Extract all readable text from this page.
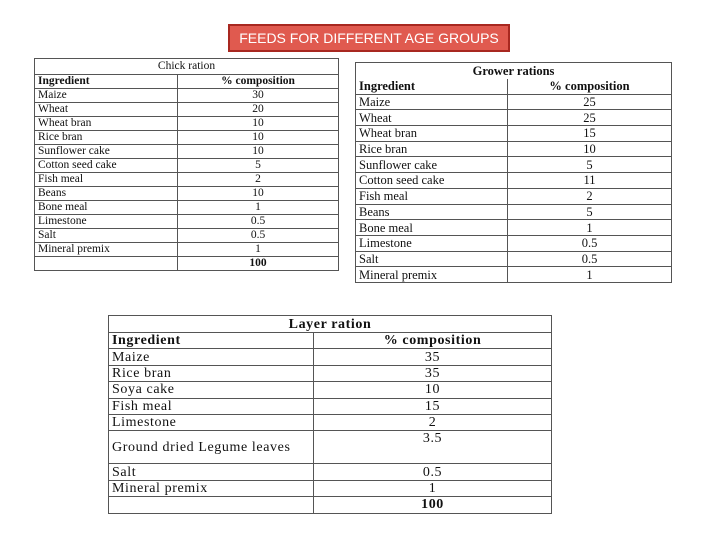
FEEDS FOR DIFFERENT AGE GROUPS
Chick ration	
Ingredient	% composition
Maize	30
Wheat	20
Wheat bran	10
Rice bran	10
Sunflower cake	10
Cotton seed cake	5
Fish meal	2
Beans	10
Bone meal	1
Limestone	0.5
Salt	0.5
Mineral premix	1
	100
Grower rations	
Ingredient	% composition
Maize	25
Wheat	25
Wheat bran	15
Rice bran	10
Sunflower cake	5
Cotton seed cake	11
Fish meal	2
Beans	5
Bone meal	1
Limestone	0.5
Salt	0.5
Mineral premix	1
Layer ration	
Ingredient	% composition
Maize	35
Rice bran	35
Soya cake	10
Fish meal	15
Limestone	2
Ground dried Legume leaves	3.5
Salt	0.5
Mineral premix	1
	100
